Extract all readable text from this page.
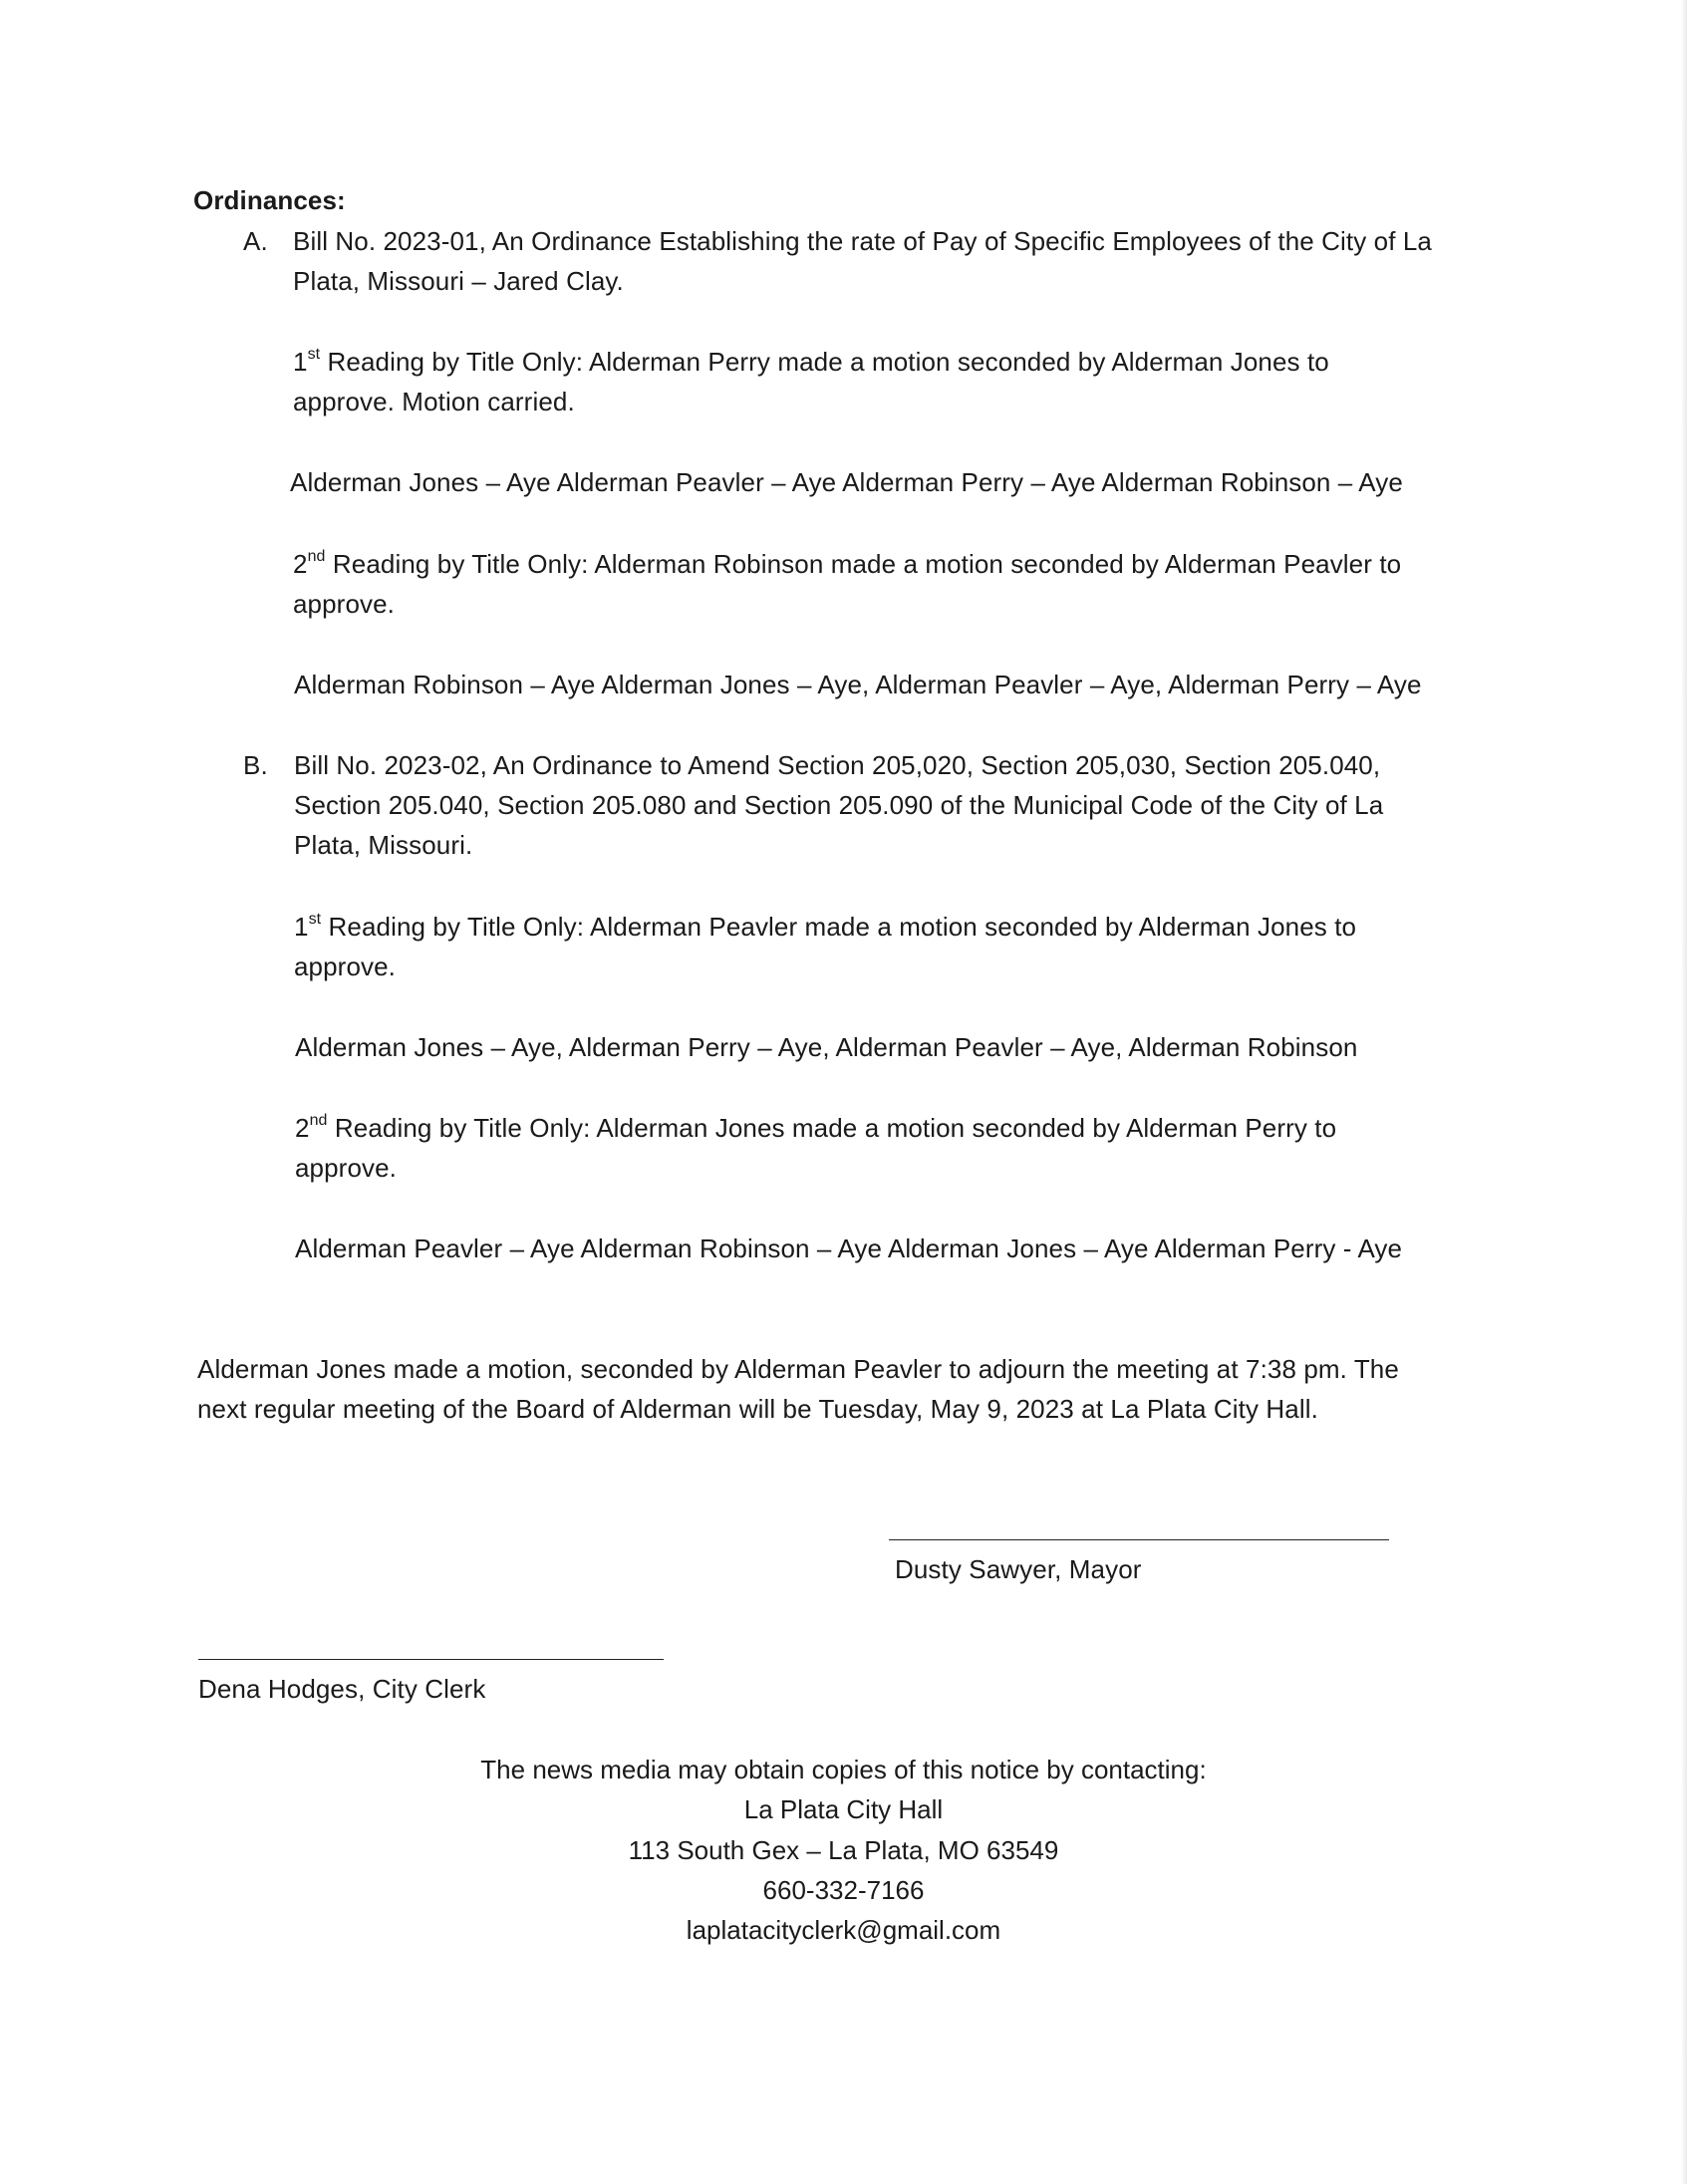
Ordinances:
A. Bill No. 2023-01, An Ordinance Establishing the rate of Pay of Specific Employees of the City of La
Plata, Missouri – Jared Clay.
1st Reading by Title Only: Alderman Perry made a motion seconded by Alderman Jones to
approve. Motion carried.
Alderman Jones – Aye Alderman Peavler – Aye Alderman Perry – Aye Alderman Robinson – Aye
2nd Reading by Title Only: Alderman Robinson made a motion seconded by Alderman Peavler to
approve.
Alderman Robinson – Aye Alderman Jones – Aye, Alderman Peavler – Aye, Alderman Perry – Aye
B. Bill No. 2023-02, An Ordinance to Amend Section 205,020, Section 205,030, Section 205.040,
Section 205.040, Section 205.080 and Section 205.090 of the Municipal Code of the City of La
Plata, Missouri.
1st Reading by Title Only: Alderman Peavler made a motion seconded by Alderman Jones to
approve.
Alderman Jones – Aye, Alderman Perry – Aye, Alderman Peavler – Aye, Alderman Robinson
2nd Reading by Title Only: Alderman Jones made a motion seconded by Alderman Perry to
approve.
Alderman Peavler – Aye Alderman Robinson – Aye Alderman Jones – Aye Alderman Perry - Aye
Alderman Jones made a motion, seconded by Alderman Peavler to adjourn the meeting at 7:38 pm. The
next regular meeting of the Board of Alderman will be Tuesday, May 9, 2023 at La Plata City Hall.
Dusty Sawyer, Mayor
Dena Hodges, City Clerk
The news media may obtain copies of this notice by contacting:
La Plata City Hall
113 South Gex – La Plata, MO 63549
660-332-7166
laplatacityclerk@gmail.com
